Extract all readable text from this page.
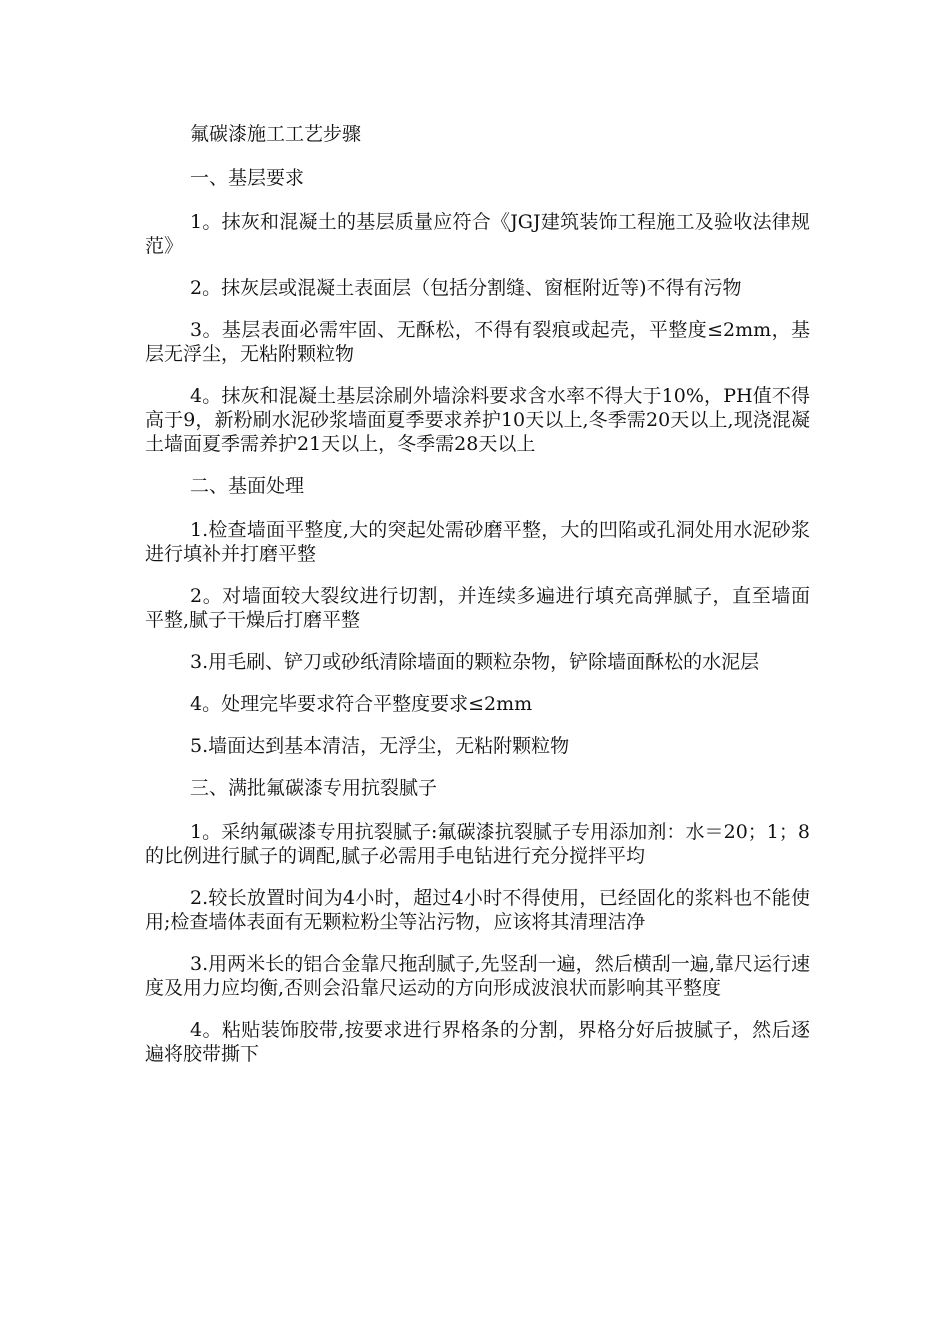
氟碳漆施工工艺步骤

一、基层要求

1。抹灰和混凝土的基层质量应符合《JGJ建筑装饰工程施工及验收法律规范》

2。抹灰层或混凝土表面层（包括分割缝、窗框附近等)不得有污物

3。基层表面必需牢固、无酥松，不得有裂痕或起壳，平整度≤2mm，基层无浮尘，无粘附颗粒物

4。抹灰和混凝土基层涂刷外墙涂料要求含水率不得大于10%，PH值不得高于9，新粉刷水泥砂浆墙面夏季要求养护10天以上,冬季需20天以上,现浇混凝土墙面夏季需养护21天以上，冬季需28天以上

二、基面处理

1.检查墙面平整度,大的突起处需砂磨平整，大的凹陷或孔洞处用水泥砂浆进行填补并打磨平整

2。对墙面较大裂纹进行切割，并连续多遍进行填充高弹腻子，直至墙面平整,腻子干燥后打磨平整

3.用毛刷、铲刀或砂纸清除墙面的颗粒杂物，铲除墙面酥松的水泥层

4。处理完毕要求符合平整度要求≤2mm

5.墙面达到基本清洁，无浮尘，无粘附颗粒物

三、满批氟碳漆专用抗裂腻子

1。采纳氟碳漆专用抗裂腻子:氟碳漆抗裂腻子专用添加剂：水＝20；1；8的比例进行腻子的调配,腻子必需用手电钻进行充分搅拌平均

2.较长放置时间为4小时，超过4小时不得使用，已经固化的浆料也不能使用;检查墙体表面有无颗粒粉尘等沾污物，应该将其清理洁净

3.用两米长的铝合金靠尺拖刮腻子,先竖刮一遍，然后横刮一遍,靠尺运行速度及用力应均衡,否则会沿靠尺运动的方向形成波浪状而影响其平整度

4。粘贴装饰胶带,按要求进行界格条的分割，界格分好后披腻子，然后逐遍将胶带撕下
